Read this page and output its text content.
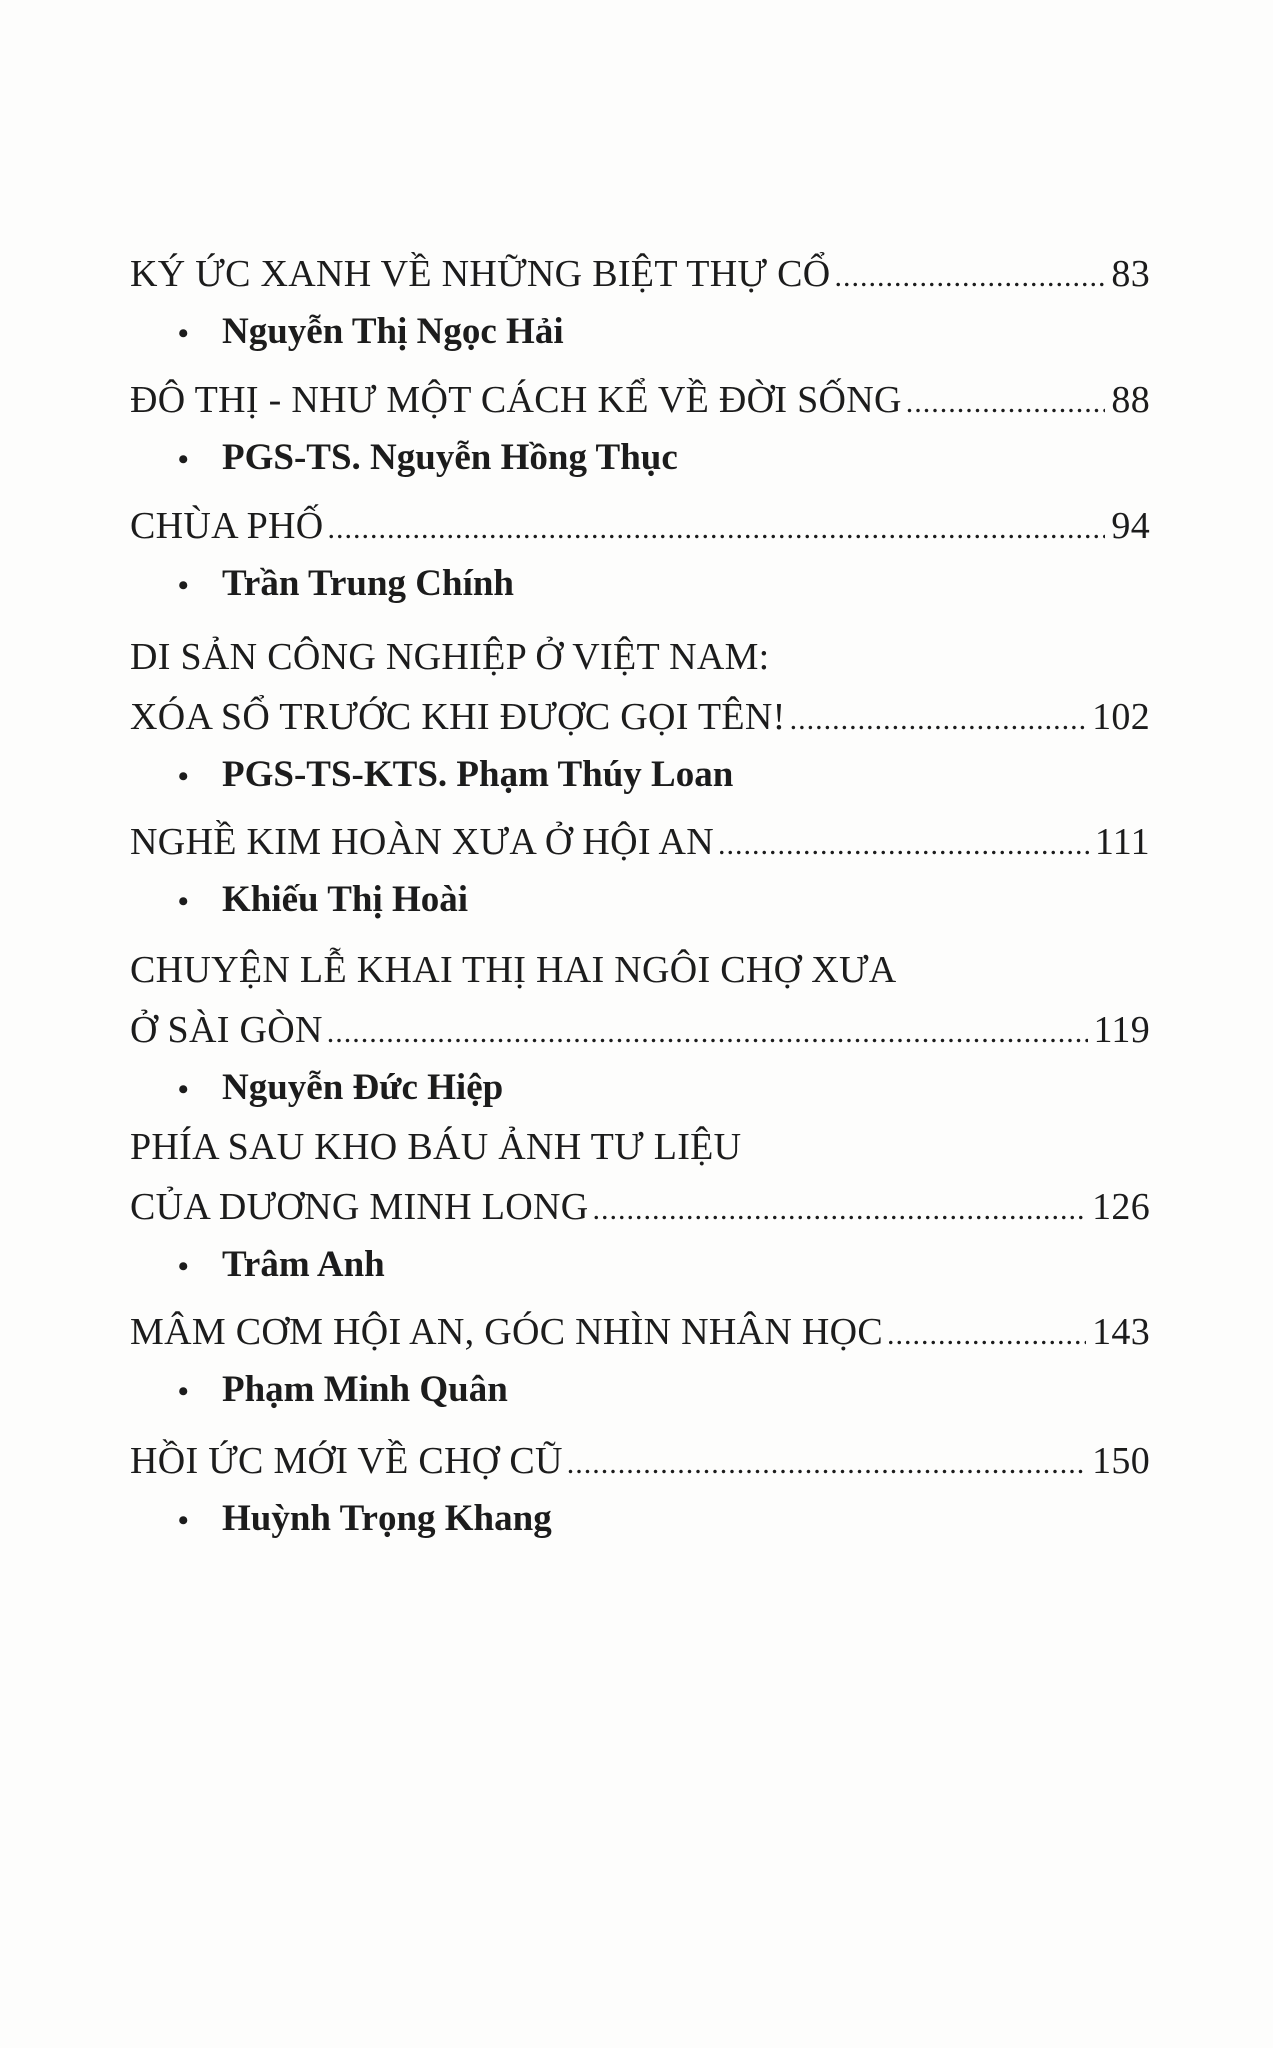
KÝ ỨC XANH VỀ NHỮNG BIỆT THỰ CỔ .....	83
• Nguyễn Thị Ngọc Hải
ĐÔ THỊ - NHƯ MỘT CÁCH KỂ VỀ ĐỜI SỐNG .....	88
• PGS-TS. Nguyễn Hồng Thục
CHÙA PHỐ .....	94
• Trần Trung Chính
DI SẢN CÔNG NGHIỆP Ở VIỆT NAM:
XÓA SỔ TRƯỚC KHI ĐƯỢC GỌI TÊN! .....	102
• PGS-TS-KTS. Phạm Thúy Loan
NGHỀ KIM HOÀN XƯA Ở HỘI AN .....	111
• Khiếu Thị Hoài
CHUYỆN LỄ KHAI THỊ HAI NGÔI CHỢ XƯA
Ở SÀI GÒN .....	119
• Nguyễn Đức Hiệp
PHÍA SAU KHO BÁU ẢNH TƯ LIỆU
CỦA DƯƠNG MINH LONG .....	126
• Trâm Anh
MÂM CƠM HỘI AN, GÓC NHÌN NHÂN HỌC .....	143
• Phạm Minh Quân
HỒI ỨC MỚI VỀ CHỢ CŨ .....	150
• Huỳnh Trọng Khang
